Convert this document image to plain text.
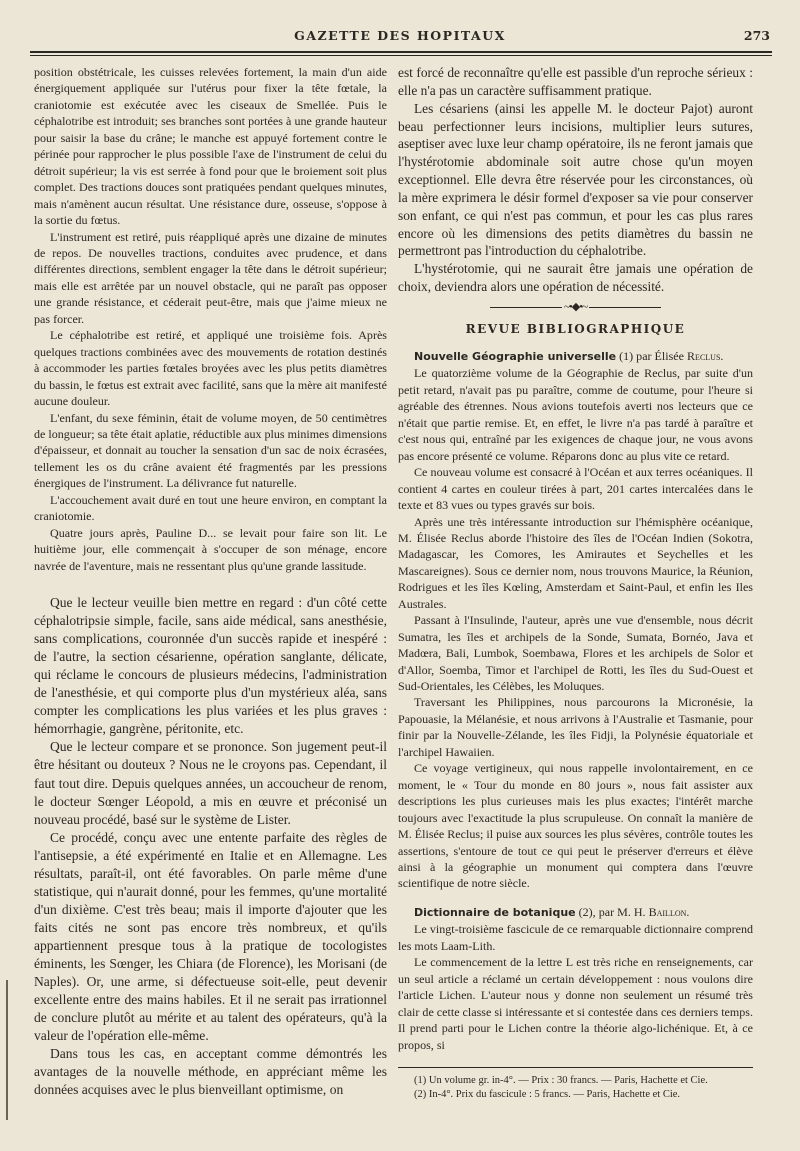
GAZETTE DES HOPITAUX	273

position obstétricale, les cuisses relevées fortement, la main d'un aide énergiquement appliquée sur l'utérus pour fixer la tête fœtale, la craniotomie est exécutée avec les ciseaux de Smellée. Puis le céphalotribe est introduit; ses branches sont portées à une grande hauteur pour saisir la base du crâne; le manche est appuyé fortement contre le périnée pour rapprocher le plus possible l'axe de l'instrument de celui du détroit supérieur; la vis est serrée à fond pour que le broiement soit plus complet. Des tractions douces sont pratiquées pendant quelques minutes, mais n'amènent aucun résultat. Une résistance dure, osseuse, s'oppose à la sortie du fœtus.

L'instrument est retiré, puis réappliqué après une dizaine de minutes de repos. De nouvelles tractions, conduites avec prudence, et dans différentes directions, semblent engager la tête dans le détroit supérieur; mais elle est arrêtée par un nouvel obstacle, qui ne paraît pas opposer une grande résistance, et céderait peut-être, mais que j'aime mieux ne pas forcer.

Le céphalotribe est retiré, et appliqué une troisième fois. Après quelques tractions combinées avec des mouvements de rotation destinés à accommoder les parties fœtales broyées avec les plus petits diamètres du bassin, le fœtus est extrait avec facilité, sans que la mère ait manifesté aucune douleur.

L'enfant, du sexe féminin, était de volume moyen, de 50 centimètres de longueur; sa tête était aplatie, réductible aux plus minimes dimensions d'épaisseur, et donnait au toucher la sensation d'un sac de noix écrasées, tellement les os du crâne avaient été fragmentés par les pressions énergiques de l'instrument. La délivrance fut naturelle.

L'accouchement avait duré en tout une heure environ, en comptant la craniotomie.

Quatre jours après, Pauline D... se levait pour faire son lit. Le huitième jour, elle commençait à s'occuper de son ménage, encore navrée de l'aventure, mais ne ressentant plus qu'une grande lassitude.

Que le lecteur veuille bien mettre en regard : d'un côté cette céphalotripsie simple, facile, sans aide médical, sans anesthésie, sans complications, couronnée d'un succès rapide et inespéré : de l'autre, la section césarienne, opération sanglante, délicate, qui réclame le concours de plusieurs médecins, l'administration de l'anesthésie, et qui comporte plus d'un mystérieux aléa, sans compter les complications les plus variées et les plus graves : hémorrhagie, gangrène, péritonite, etc.

Que le lecteur compare et se prononce. Son jugement peut-il être hésitant ou douteux ? Nous ne le croyons pas. Cependant, il faut tout dire. Depuis quelques années, un accoucheur de renom, le docteur Sœnger Léopold, a mis en œuvre et préconisé un nouveau procédé, basé sur le système de Lister.

Ce procédé, conçu avec une entente parfaite des règles de l'antisepsie, a été expérimenté en Italie et en Allemagne. Les résultats, paraît-il, ont été favorables. On parle même d'une statistique, qui n'aurait donné, pour les femmes, qu'une mortalité d'un dixième. C'est très beau; mais il importe d'ajouter que les faits cités ne sont pas encore très nombreux, et qu'ils appartiennent presque tous à la pratique de tocologistes éminents, les Sœnger, les Chiara (de Florence), les Morisani (de Naples). Or, une arme, si défectueuse soit-elle, peut devenir excellente entre des mains habiles. Et il ne serait pas irrationnel de conclure plutôt au mérite et au talent des opérateurs, qu'à la valeur de l'opération elle-même.

Dans tous les cas, en acceptant comme démontrés les avantages de la nouvelle méthode, en appréciant même les données acquises avec le plus bienveillant optimisme, on

est forcé de reconnaître qu'elle est passible d'un reproche sérieux : elle n'a pas un caractère suffisamment pratique.

Les césariens (ainsi les appelle M. le docteur Pajot) auront beau perfectionner leurs incisions, multiplier leurs sutures, aseptiser avec luxe leur champ opératoire, ils ne feront jamais que l'hystérotomie abdominale soit autre chose qu'un moyen exceptionnel. Elle devra être réservée pour les circonstances, où la mère exprimera le désir formel d'exposer sa vie pour conserver son enfant, ce qui n'est pas commun, et pour les cas plus rares encore où les dimensions des petits diamètres du bassin ne permettront pas l'introduction du céphalotribe.

L'hystérotomie, qui ne saurait être jamais une opération de choix, deviendra alors une opération de nécessité.

~•◆•~
REVUE BIBLIOGRAPHIQUE

Nouvelle Géographie universelle (1) par Élisée Reclus.

Le quatorzième volume de la Géographie de Reclus, par suite d'un petit retard, n'avait pas pu paraître, comme de coutume, pour l'heure si agréable des étrennes. Nous avions toutefois averti nos lecteurs que ce n'était que partie remise. Et, en effet, le livre n'a pas tardé à paraître et c'est nous qui, entraîné par les exigences de chaque jour, ne vous avons pas encore présenté ce volume. Réparons donc au plus vite ce retard.

Ce nouveau volume est consacré à l'Océan et aux terres océaniques. Il contient 4 cartes en couleur tirées à part, 201 cartes intercalées dans le texte et 83 vues ou types gravés sur bois.

Après une très intéressante introduction sur l'hémisphère océanique, M. Élisée Reclus aborde l'histoire des îles de l'Océan Indien (Sokotra, Madagascar, les Comores, les Amirautes et Seychelles et les Mascareignes). Sous ce dernier nom, nous trouvons Maurice, la Réunion, Rodrigues et les îles Kœling, Amsterdam et Saint-Paul, et enfin les Iles Australes.

Passant à l'Insulinde, l'auteur, après une vue d'ensemble, nous décrit Sumatra, les îles et archipels de la Sonde, Sumata, Bornéo, Java et Madœra, Bali, Lumbok, Soembawa, Flores et les archipels de Solor et d'Allor, Soemba, Timor et l'archipel de Rotti, les îles du Sud-Ouest et Sud-Orientales, les Célèbes, les Moluques.

Traversant les Philippines, nous parcourons la Micronésie, la Papouasie, la Mélanésie, et nous arrivons à l'Australie et Tasmanie, pour finir par la Nouvelle-Zélande, les îles Fidji, la Polynésie équatoriale et l'archipel Hawaiien.

Ce voyage vertigineux, qui nous rappelle involontairement, en ce moment, le « Tour du monde en 80 jours », nous fait assister aux descriptions les plus curieuses mais les plus exactes; l'intérêt marche toujours avec l'exactitude la plus scrupuleuse. On connaît la manière de M. Élisée Reclus; il puise aux sources les plus sévères, contrôle toutes les assertions, s'entoure de tout ce qui peut le préserver d'erreurs et élève ainsi à la géographie un monument qui comptera dans l'œuvre scientifique de notre siècle.

Dictionnaire de botanique (2), par M. H. Baillon.

Le vingt-troisième fascicule de ce remarquable dictionnaire comprend les mots Laam-Lith.

Le commencement de la lettre L est très riche en renseignements, car un seul article a réclamé un certain développement : nous voulons dire l'article Lichen. L'auteur nous y donne non seulement un résumé très clair de cette classe si intéressante et si contestée dans ces derniers temps. Il prend parti pour le Lichen contre la théorie algo-lichénique. Et, à ce propos, si

(1) Un volume gr. in-4°. — Prix : 30 francs. — Paris, Hachette et Cie.

(2) In-4°. Prix du fascicule : 5 francs. — Paris, Hachette et Cie.
